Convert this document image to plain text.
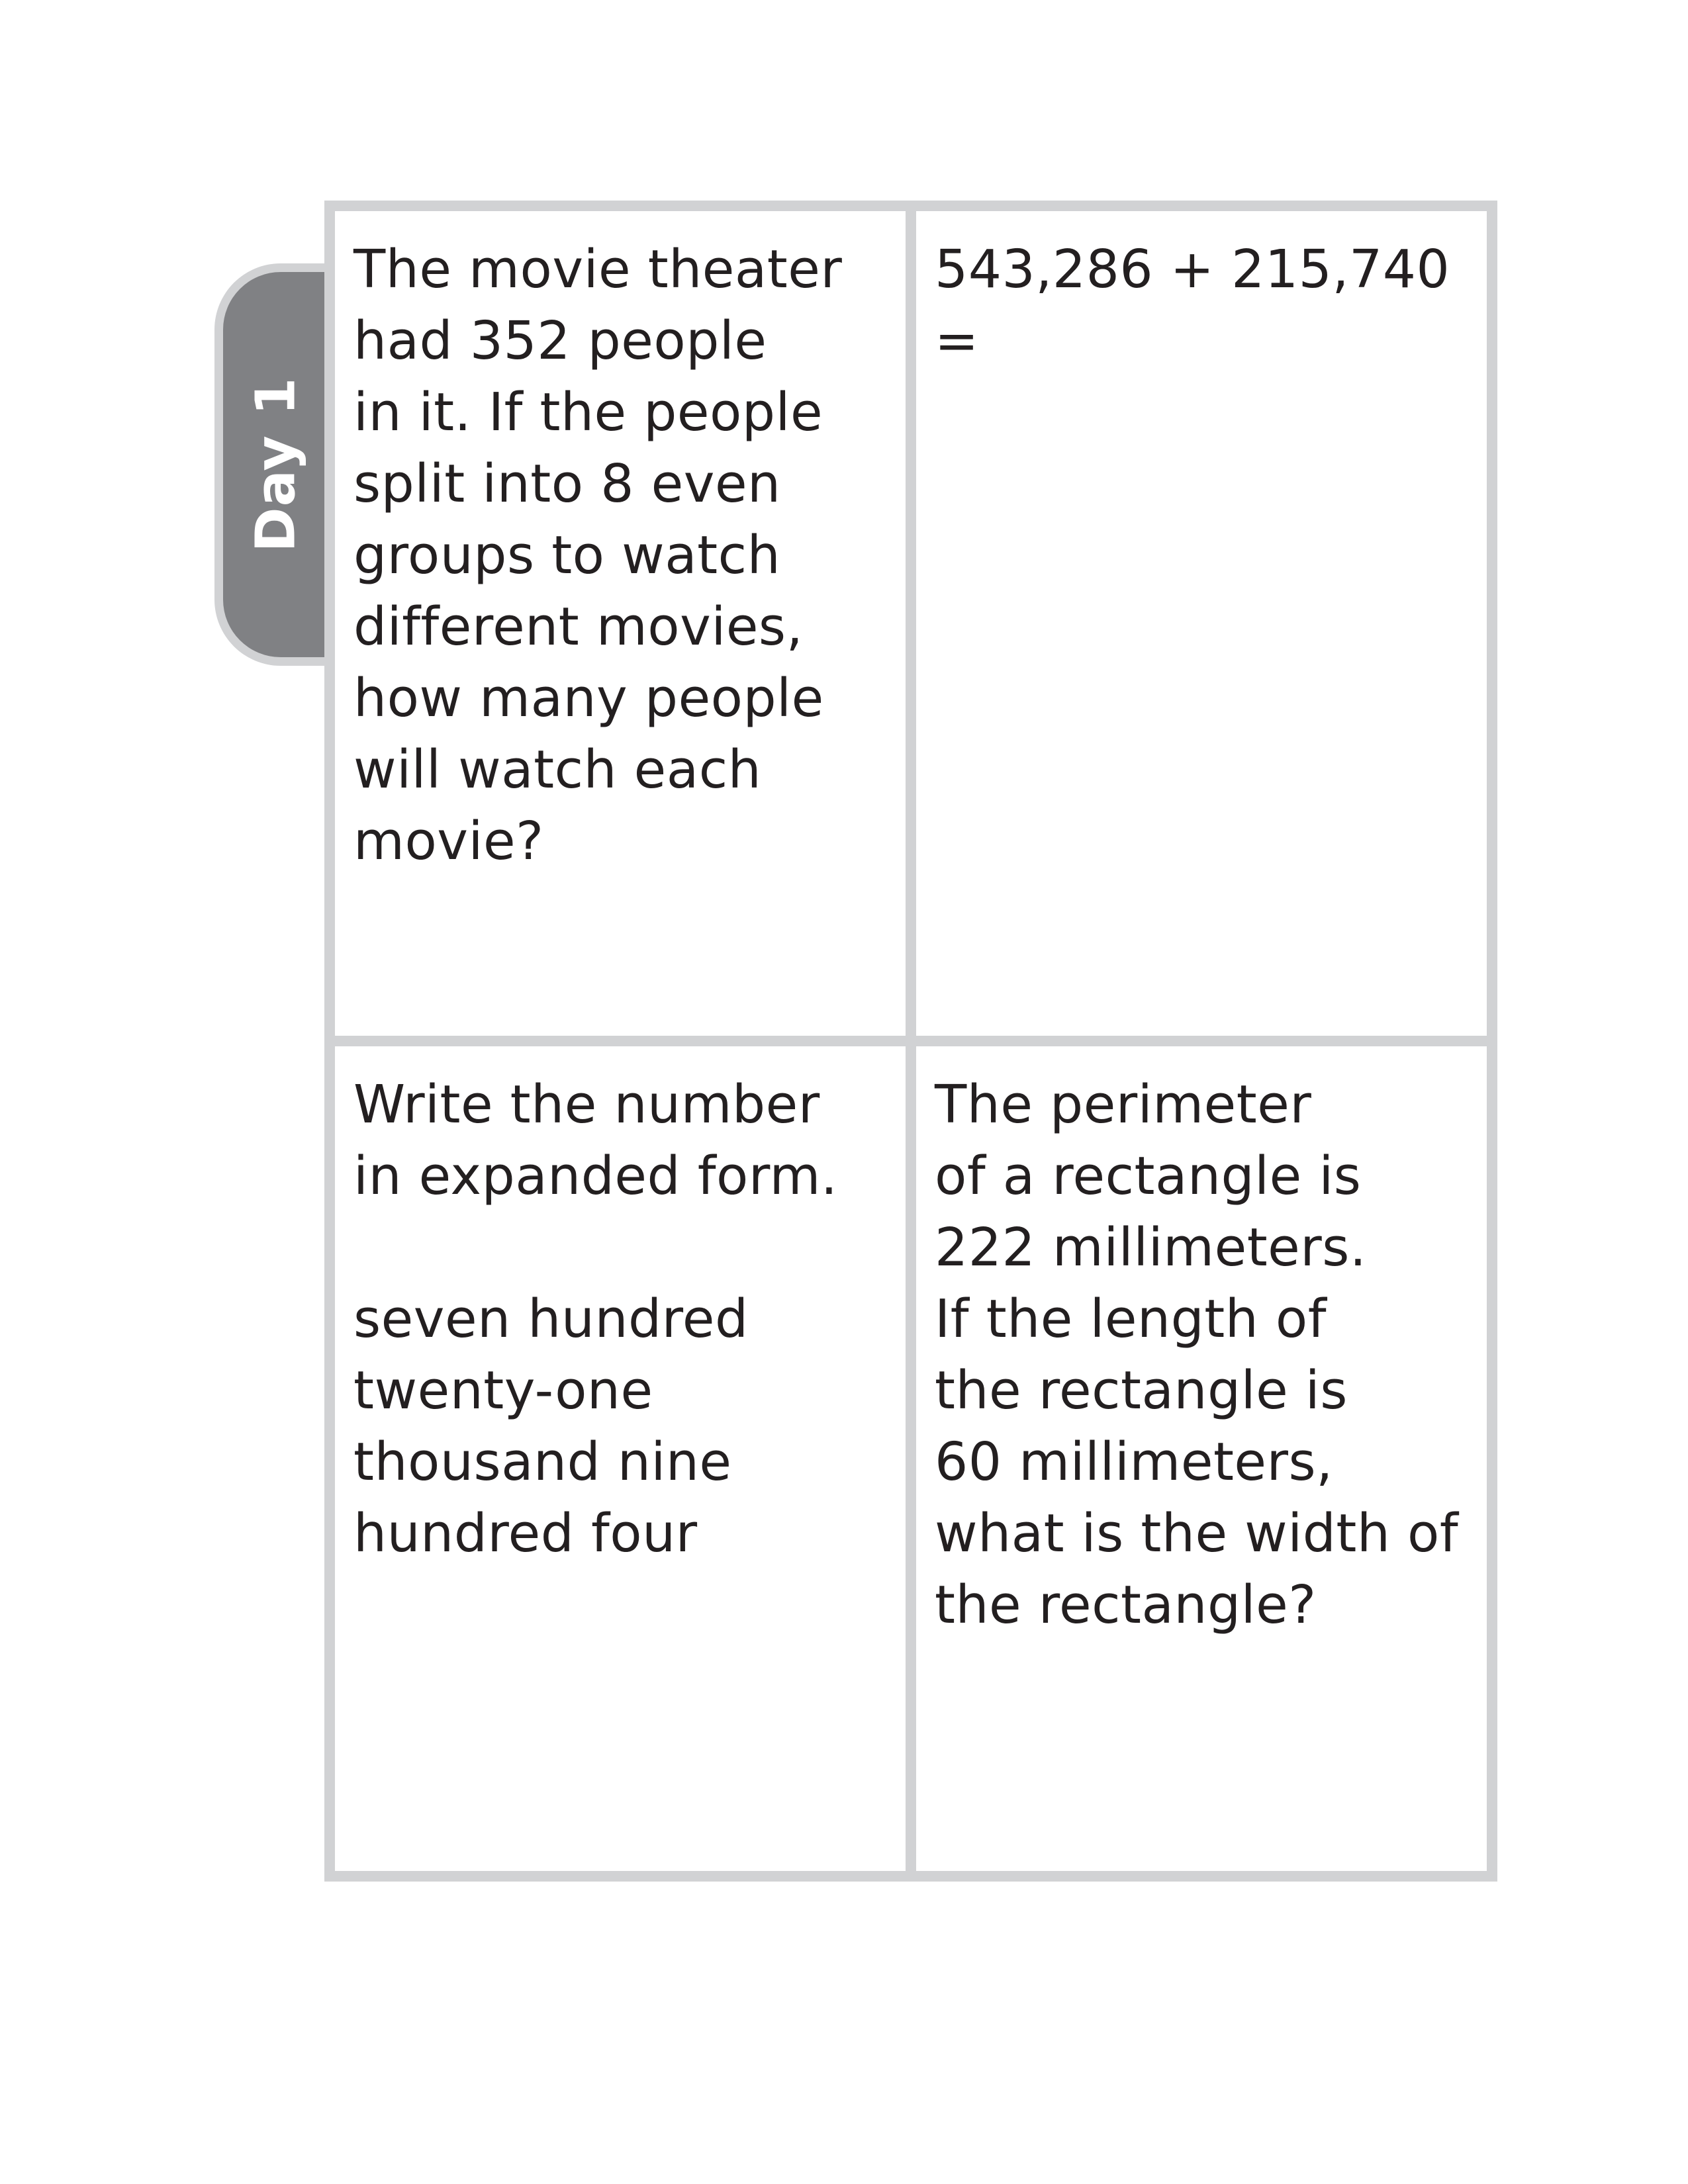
Day 1

The movie theater
had 352 people
in it. If the people
split into 8 even
groups to watch
different movies,
how many people
will watch each
movie?

543,286 + 215,740 =

Write the number
in expanded form.

seven hundred
twenty-one
thousand nine
hundred four

The perimeter
of a rectangle is
222 millimeters.
If the length of
the rectangle is
60 millimeters,
what is the width of
the rectangle?
